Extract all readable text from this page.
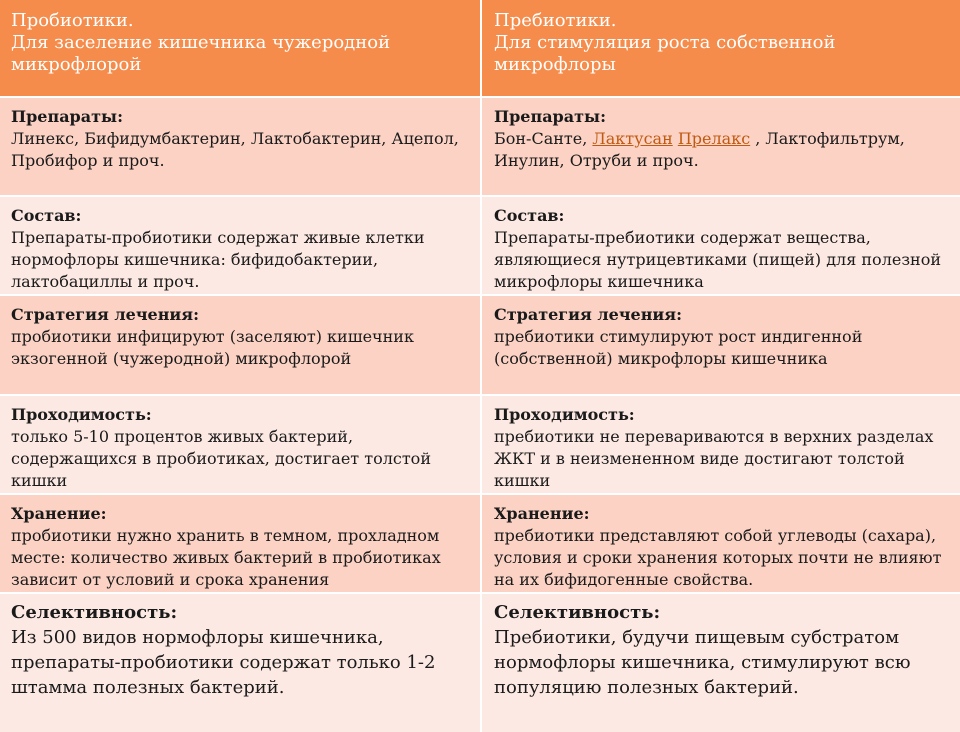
Пробиотики.
Для заселение кишечника чужеродной микрофлорой
Пребиотики.
Для стимуляция роста собственной микрофлоры
Препараты:
Линекс, Бифидумбактерин, Лактобактерин, Ацепол, Пробифор и проч.
Препараты:
Бон-Санте, Лактусан Прелакс , Лактофильтрум, Инулин, Отруби и проч.
Состав:
Препараты-пробиотики содержат живые клетки нормофлоры кишечника: бифидобактерии, лактобациллы и проч.
Состав:
Препараты-пребиотики содержат вещества, являющиеся нутрицевтиками (пищей) для полезной микрофлоры кишечника
Стратегия лечения:
пробиотики инфицируют (заселяют) кишечник экзогенной (чужеродной) микрофлорой
Стратегия лечения:
пребиотики стимулируют рост индигенной (собственной) микрофлоры кишечника
Проходимость:
только 5-10 процентов живых бактерий, содержащихся в пробиотиках, достигает толстой кишки
Проходимость:
пребиотики не перевариваются в верхних разделах ЖКТ и в неизмененном виде достигают толстой кишки
Хранение:
пробиотики нужно хранить в темном, прохладном месте: количество живых бактерий в пробиотиках зависит от условий и срока хранения
Хранение:
пребиотики представляют собой углеводы (сахара), условия и сроки хранения которых почти не влияют на их бифидогенные свойства.
Селективность:
Из 500 видов нормофлоры кишечника, препараты-пробиотики содержат только 1-2 штамма полезных бактерий.
Селективность:
Пребиотики, будучи пищевым субстратом нормофлоры кишечника, стимулируют всю популяцию полезных бактерий.
